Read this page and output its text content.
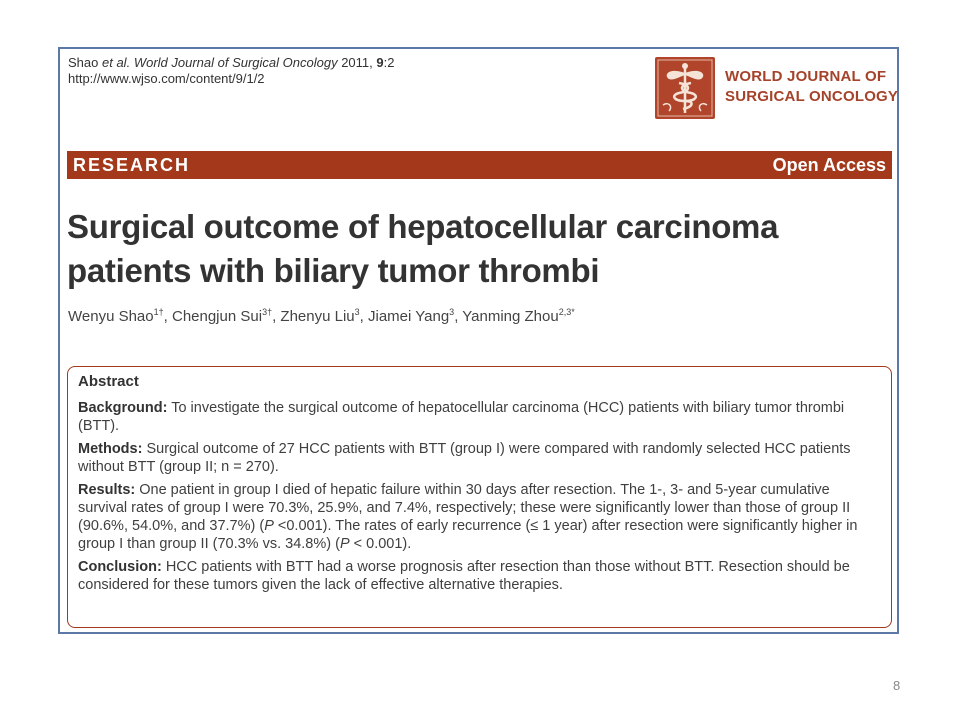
Shao et al. World Journal of Surgical Oncology 2011, 9:2
http://www.wjso.com/content/9/1/2	WORLD JOURNAL OF
SURGICAL ONCOLOGY
RESEARCH	Open Access
Surgical outcome of hepatocellular carcinoma
patients with biliary tumor thrombi
Wenyu Shao$^{1\dagger}$, Chengjun Sui$^{3\dagger}$, Zhenyu Liu$^3$, Jiamei Yang$^3$, Yanming Zhou$^{2,3*}$
Abstract
Background: To investigate the surgical outcome of hepatocellular carcinoma (HCC) patients with biliary tumor thrombi (BTT).
Methods: Surgical outcome of 27 HCC patients with BTT (group I) were compared with randomly selected HCC patients without BTT (group II; n = 270).
Results: One patient in group I died of hepatic failure within 30 days after resection. The 1-, 3- and 5-year cumulative survival rates of group I were 70.3%, 25.9%, and 7.4%, respectively; these were significantly lower than those of group II (90.6%, 54.0%, and 37.7%) (P <0.001). The rates of early recurrence (≤ 1 year) after resection were significantly higher in group I than group II (70.3% vs. 34.8%) (P < 0.001).
Conclusion: HCC patients with BTT had a worse prognosis after resection than those without BTT. Resection should be considered for these tumors given the lack of effective alternative therapies.
8
